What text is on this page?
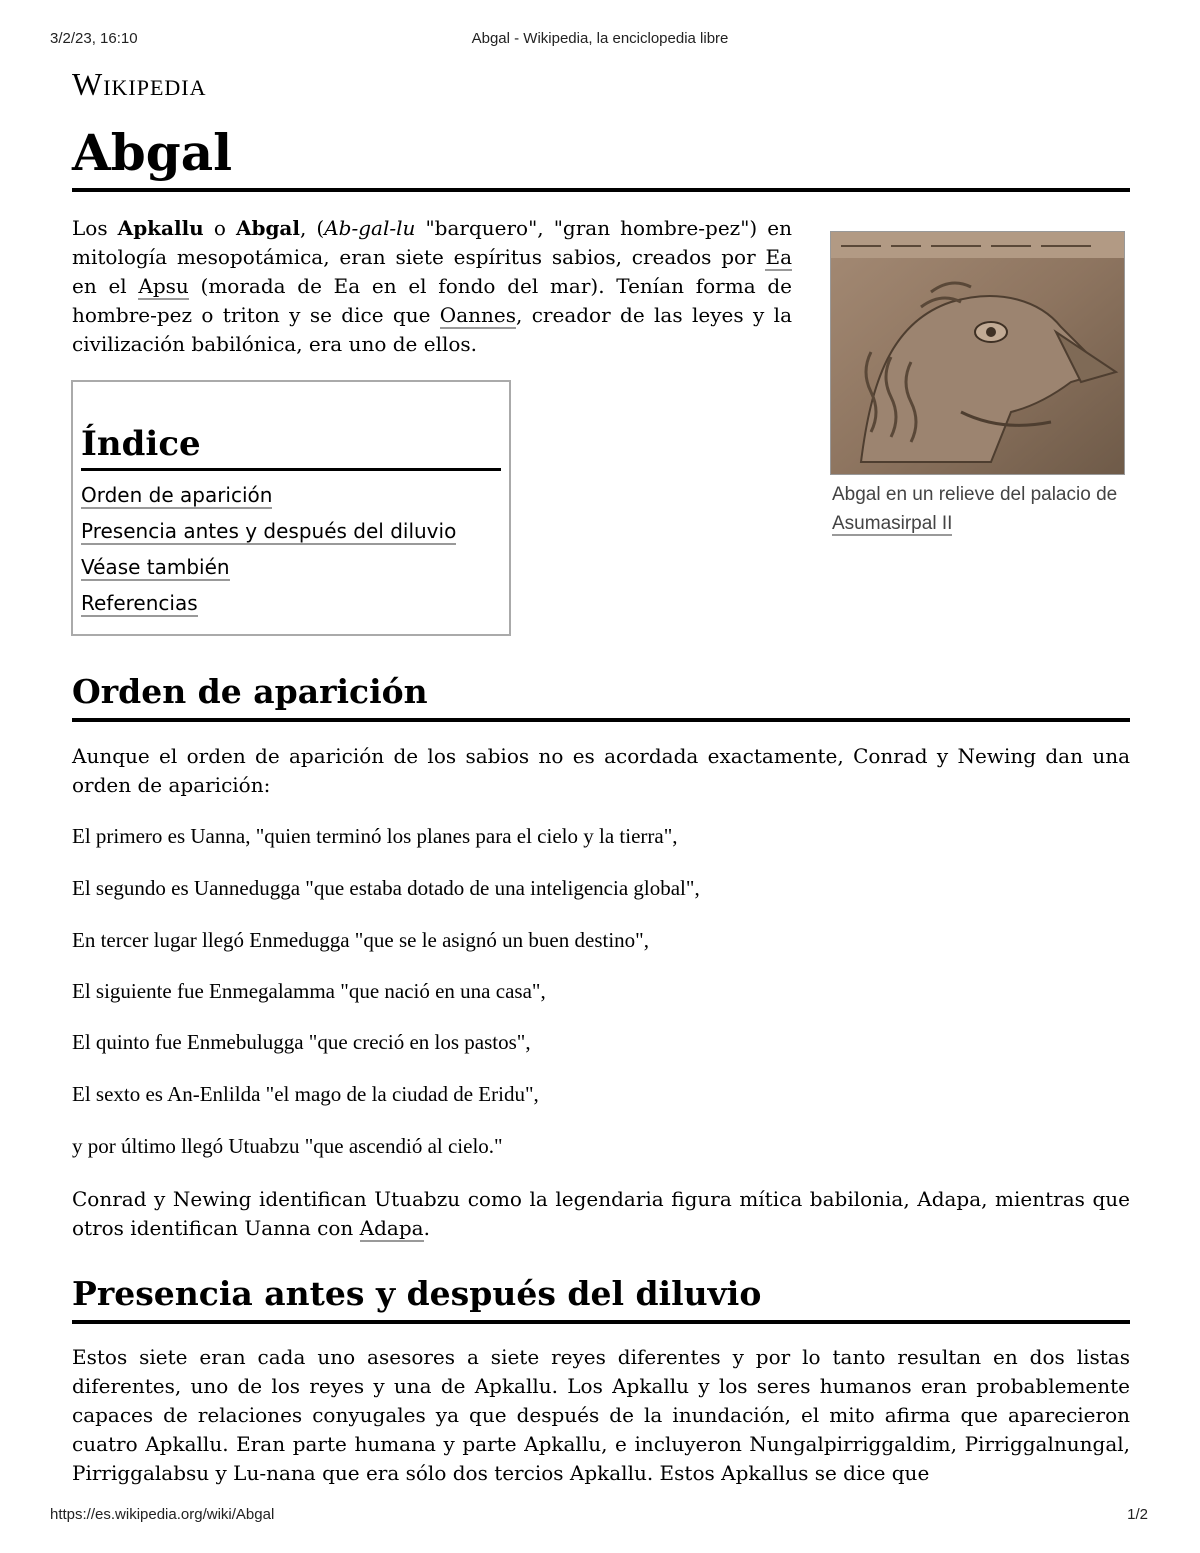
3/2/23, 16:10	Abgal - Wikipedia, la enciclopedia libre
Wikipedia
Abgal
Los Apkallu o Abgal, (Ab-gal-lu "barquero", "gran hombre-pez") en mitología mesopotámica, eran siete espíritus sabios, creados por Ea en el Apsu (morada de Ea en el fondo del mar). Tenían forma de hombre-pez o triton y se dice que Oannes, creador de las leyes y la civilización babilónica, era uno de ellos.
Índice
Orden de aparición
Presencia antes y después del diluvio
Véase también
Referencias
Abgal en un relieve del palacio de Asumasirpal II
Orden de aparición
Aunque el orden de aparición de los sabios no es acordada exactamente, Conrad y Newing dan una orden de aparición:
El primero es Uanna, "quien terminó los planes para el cielo y la tierra",
El segundo es Uannedugga "que estaba dotado de una inteligencia global",
En tercer lugar llegó Enmedugga "que se le asignó un buen destino",
El siguiente fue Enmegalamma "que nació en una casa",
El quinto fue Enmebulugga "que creció en los pastos",
El sexto es An-Enlilda "el mago de la ciudad de Eridu",
y por último llegó Utuabzu "que ascendió al cielo."
Conrad y Newing identifican Utuabzu como la legendaria figura mítica babilonia, Adapa, mientras que otros identifican Uanna con Adapa.
Presencia antes y después del diluvio
Estos siete eran cada uno asesores a siete reyes diferentes y por lo tanto resultan en dos listas diferentes, uno de los reyes y una de Apkallu. Los Apkallu y los seres humanos eran probablemente capaces de relaciones conyugales ya que después de la inundación, el mito afirma que aparecieron cuatro Apkallu. Eran parte humana y parte Apkallu, e incluyeron Nungalpirriggaldim, Pirriggalnungal, Pirriggalabsu y Lu-nana que era sólo dos tercios Apkallu. Estos Apkallus se dice que
https://es.wikipedia.org/wiki/Abgal	1/2
